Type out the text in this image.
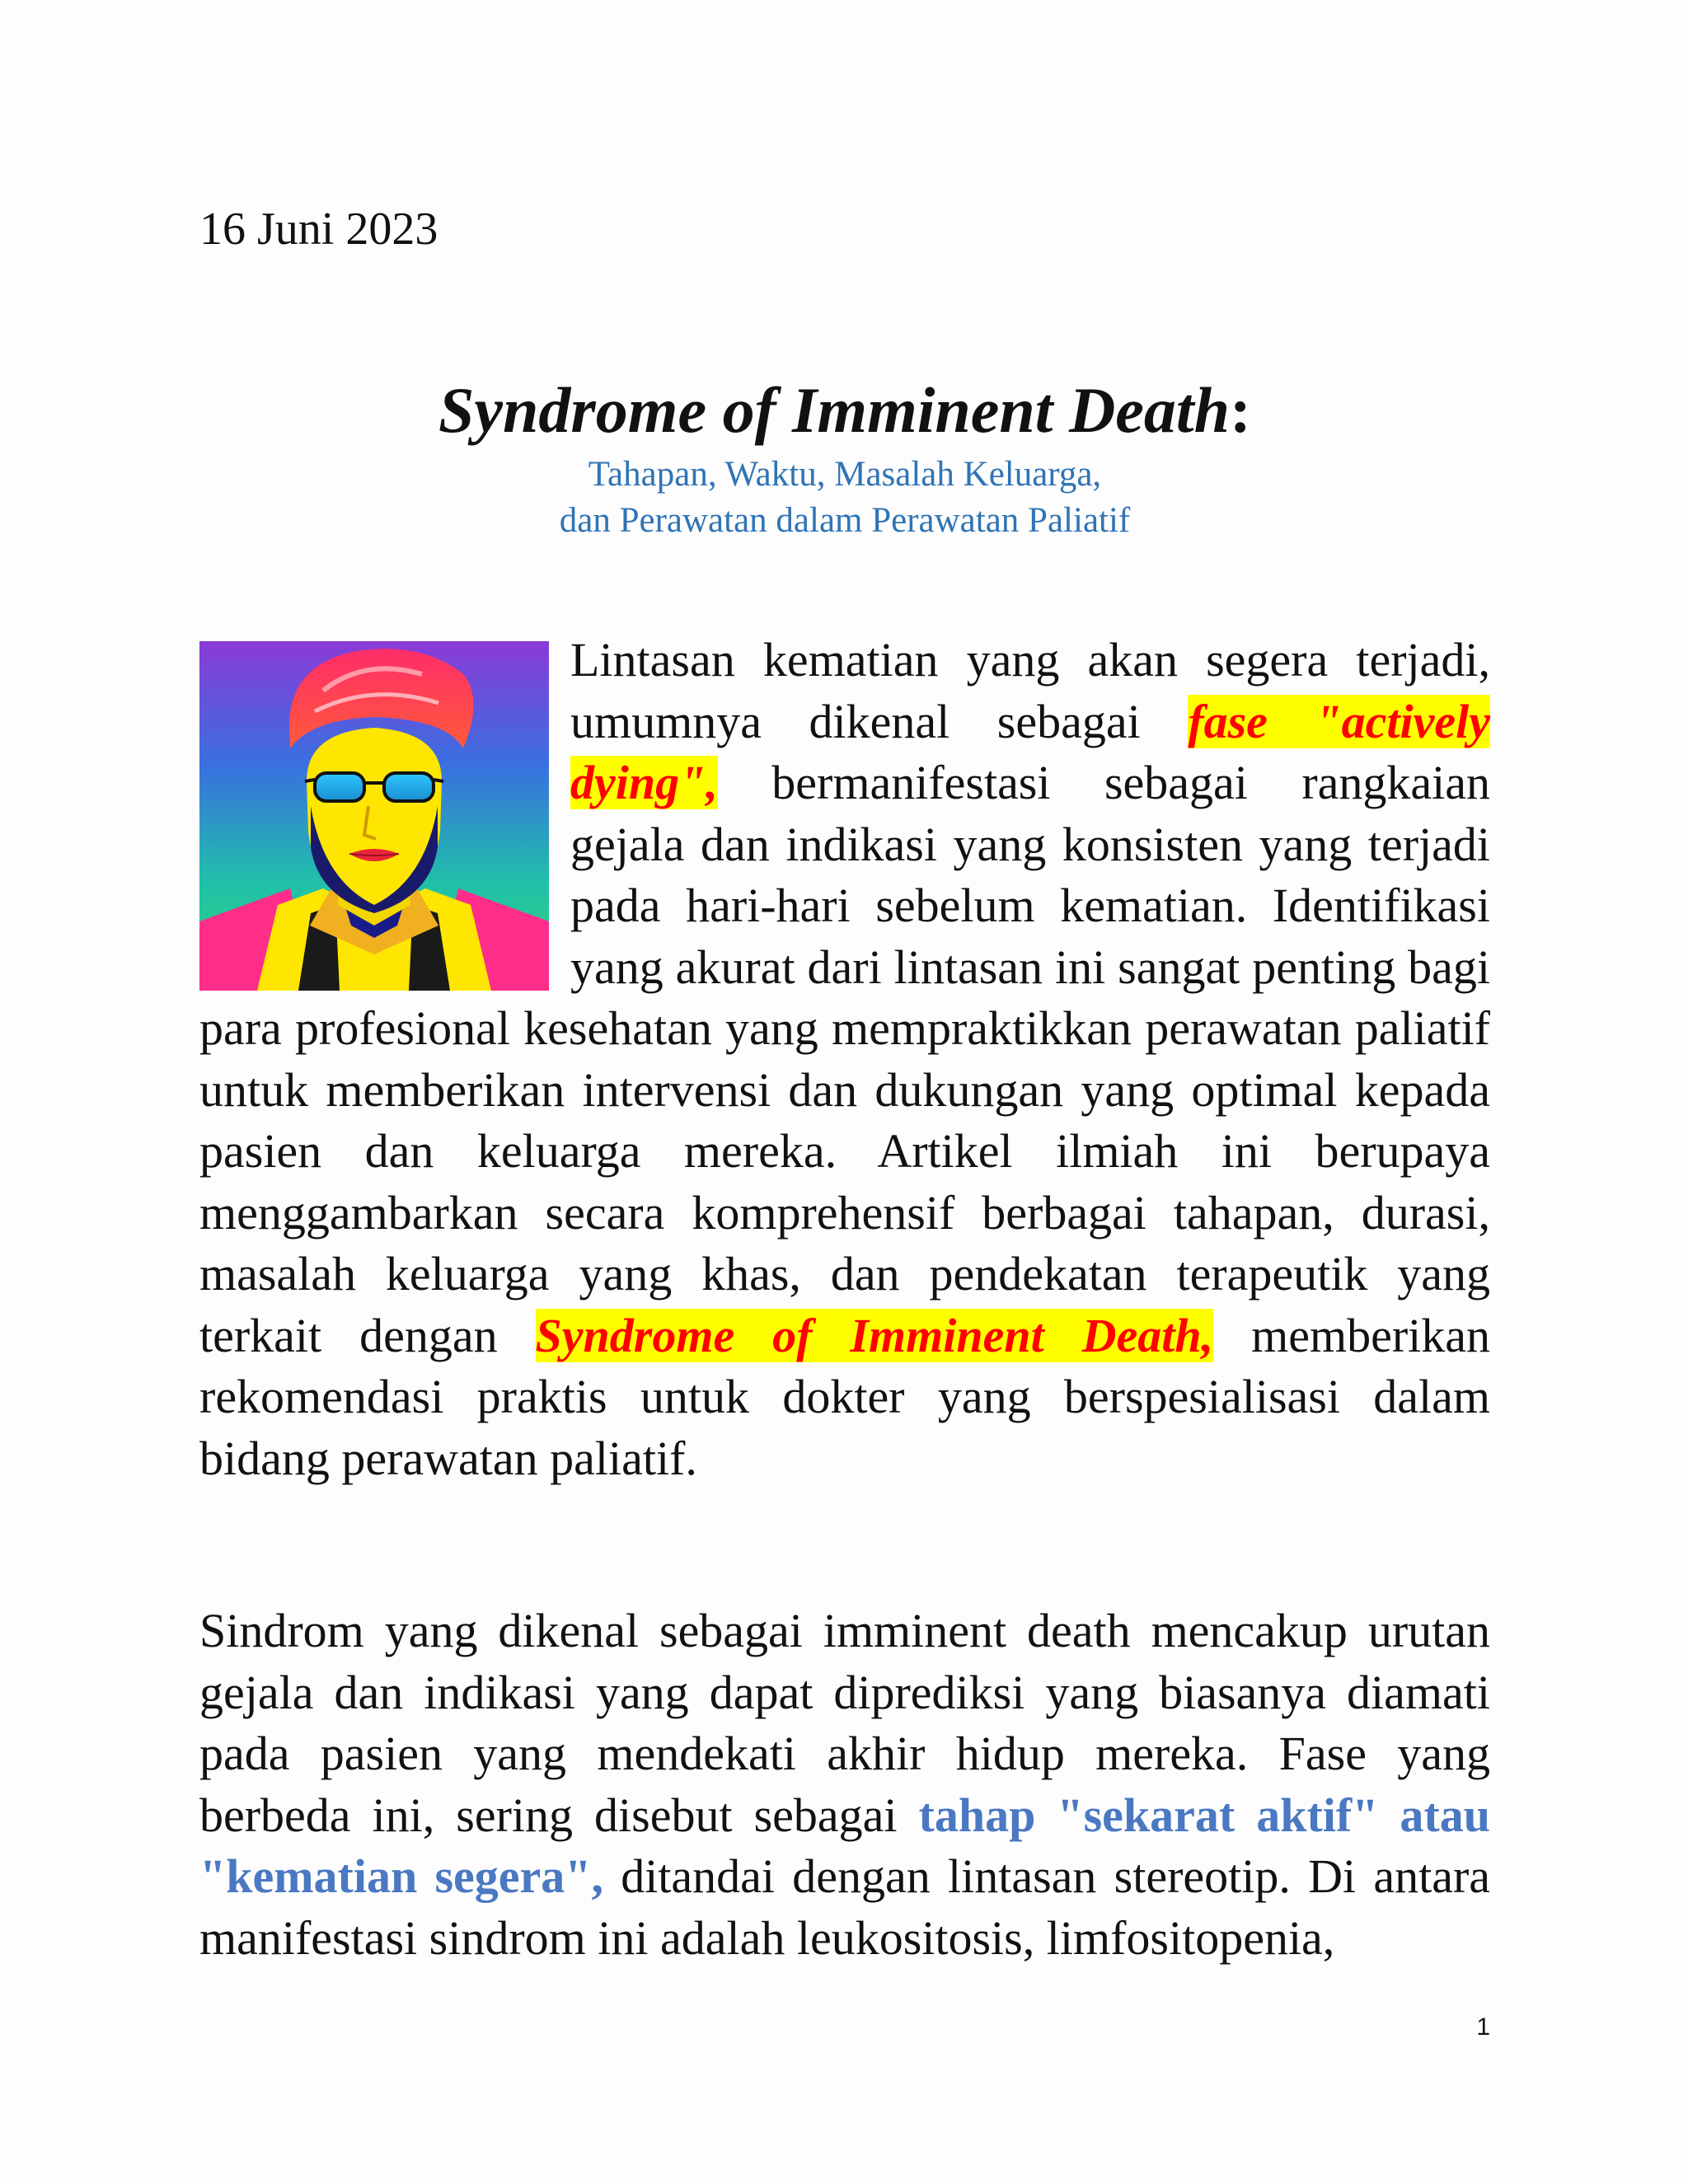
16 Juni 2023
Syndrome of Imminent Death:
Tahapan, Waktu, Masalah Keluarga,
dan Perawatan dalam Perawatan Paliatif

Lintasan kematian yang akan segera terjadi, umumnya dikenal sebagai fase "actively dying", bermanifestasi sebagai rangkaian gejala dan indikasi yang konsisten yang terjadi pada hari-hari sebelum kematian. Identifikasi yang akurat dari lintasan ini sangat penting bagi para profesional kesehatan yang mempraktikkan perawatan paliatif untuk memberikan intervensi dan dukungan yang optimal kepada pasien dan keluarga mereka. Artikel ilmiah ini berupaya menggambarkan secara komprehensif berbagai tahapan, durasi, masalah keluarga yang khas, dan pendekatan terapeutik yang terkait dengan Syndrome of Imminent Death, memberikan rekomendasi praktis untuk dokter yang berspesialisasi dalam bidang perawatan paliatif.

Sindrom yang dikenal sebagai imminent death mencakup urutan gejala dan indikasi yang dapat diprediksi yang biasanya diamati pada pasien yang mendekati akhir hidup mereka. Fase yang berbeda ini, sering disebut sebagai tahap "sekarat aktif" atau "kematian segera", ditandai dengan lintasan stereotip. Di antara manifestasi sindrom ini adalah leukositosis, limfositopenia,

1
